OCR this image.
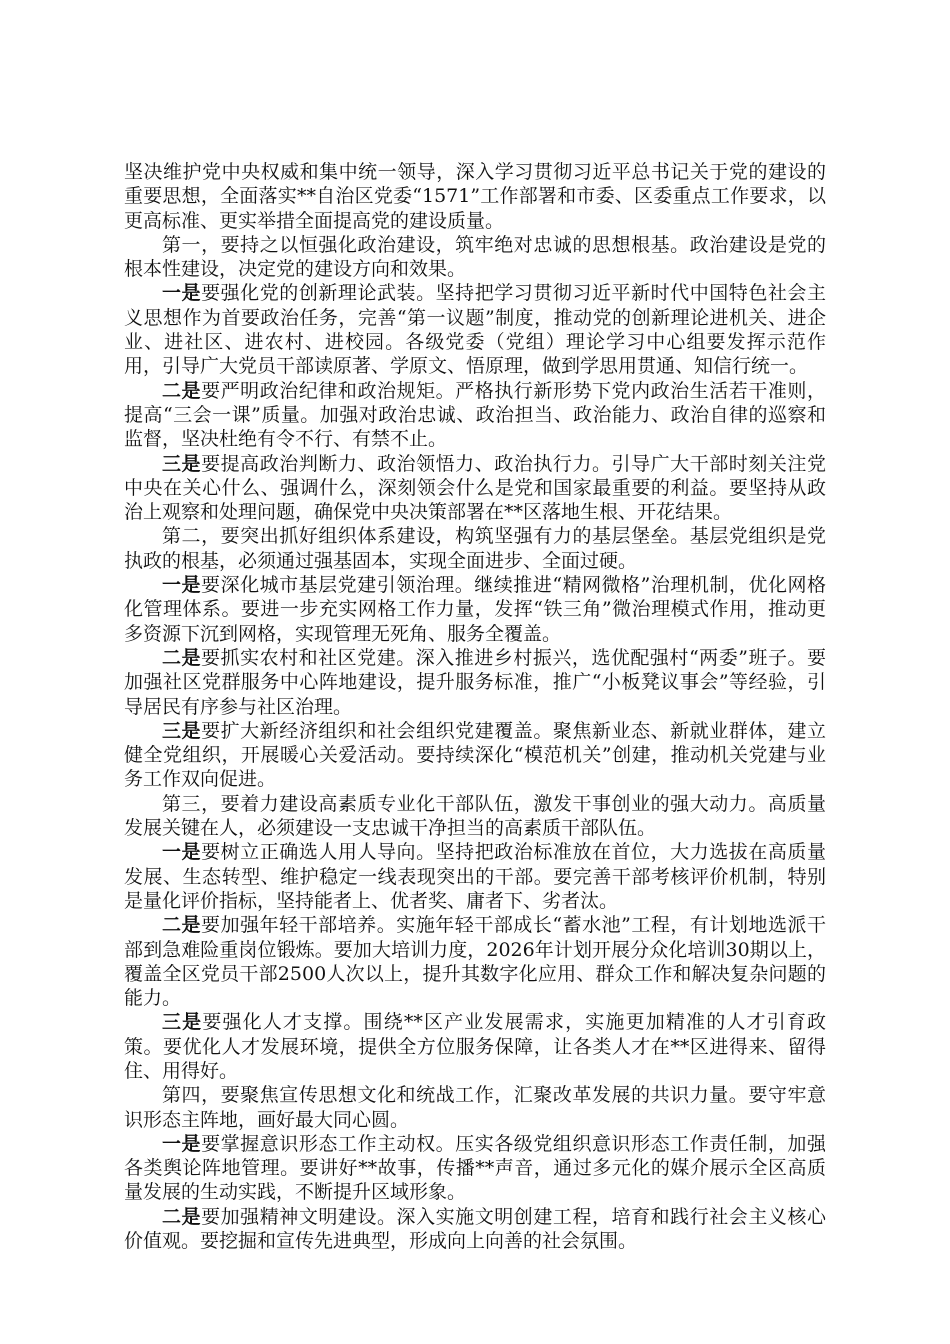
坚决维护党中央权威和集中统一领导，深入学习贯彻习近平总书记关于党的建设的重要思想，全面落实**自治区党委“1571”工作部署和市委、区委重点工作要求，以更高标准、更实举措全面提高党的建设质量。

第一，要持之以恒强化政治建设，筑牢绝对忠诚的思想根基。政治建设是党的根本性建设，决定党的建设方向和效果。

一是要强化党的创新理论武装。坚持把学习贯彻习近平新时代中国特色社会主义思想作为首要政治任务，完善“第一议题”制度，推动党的创新理论进机关、进企业、进社区、进农村、进校园。各级党委（党组）理论学习中心组要发挥示范作用，引导广大党员干部读原著、学原文、悟原理，做到学思用贯通、知信行统一。

二是要严明政治纪律和政治规矩。严格执行新形势下党内政治生活若干准则，提高“三会一课”质量。加强对政治忠诚、政治担当、政治能力、政治自律的巡察和监督，坚决杜绝有令不行、有禁不止。

三是要提高政治判断力、政治领悟力、政治执行力。引导广大干部时刻关注党中央在关心什么、强调什么，深刻领会什么是党和国家最重要的利益。要坚持从政治上观察和处理问题，确保党中央决策部署在**区落地生根、开花结果。

第二，要突出抓好组织体系建设，构筑坚强有力的基层堡垒。基层党组织是党执政的根基，必须通过强基固本，实现全面进步、全面过硬。

一是要深化城市基层党建引领治理。继续推进“精网微格”治理机制，优化网格化管理体系。要进一步充实网格工作力量，发挥“铁三角”微治理模式作用，推动更多资源下沉到网格，实现管理无死角、服务全覆盖。

二是要抓实农村和社区党建。深入推进乡村振兴，选优配强村“两委”班子。要加强社区党群服务中心阵地建设，提升服务标准，推广“小板凳议事会”等经验，引导居民有序参与社区治理。

三是要扩大新经济组织和社会组织党建覆盖。聚焦新业态、新就业群体，建立健全党组织，开展暖心关爱活动。要持续深化“模范机关”创建，推动机关党建与业务工作双向促进。

第三，要着力建设高素质专业化干部队伍，激发干事创业的强大动力。高质量发展关键在人，必须建设一支忠诚干净担当的高素质干部队伍。

一是要树立正确选人用人导向。坚持把政治标准放在首位，大力选拔在高质量发展、生态转型、维护稳定一线表现突出的干部。要完善干部考核评价机制，特别是量化评价指标，坚持能者上、优者奖、庸者下、劣者汰。

二是要加强年轻干部培养。实施年轻干部成长“蓄水池”工程，有计划地选派干部到急难险重岗位锻炼。要加大培训力度，2026年计划开展分众化培训30期以上，覆盖全区党员干部2500人次以上，提升其数字化应用、群众工作和解决复杂问题的能力。

三是要强化人才支撑。围绕**区产业发展需求，实施更加精准的人才引育政策。要优化人才发展环境，提供全方位服务保障，让各类人才在**区进得来、留得住、用得好。

第四，要聚焦宣传思想文化和统战工作，汇聚改革发展的共识力量。要守牢意识形态主阵地，画好最大同心圆。

一是要掌握意识形态工作主动权。压实各级党组织意识形态工作责任制，加强各类舆论阵地管理。要讲好**故事，传播**声音，通过多元化的媒介展示全区高质量发展的生动实践，不断提升区域形象。

二是要加强精神文明建设。深入实施文明创建工程，培育和践行社会主义核心价值观。要挖掘和宣传先进典型，形成向上向善的社会氛围。
